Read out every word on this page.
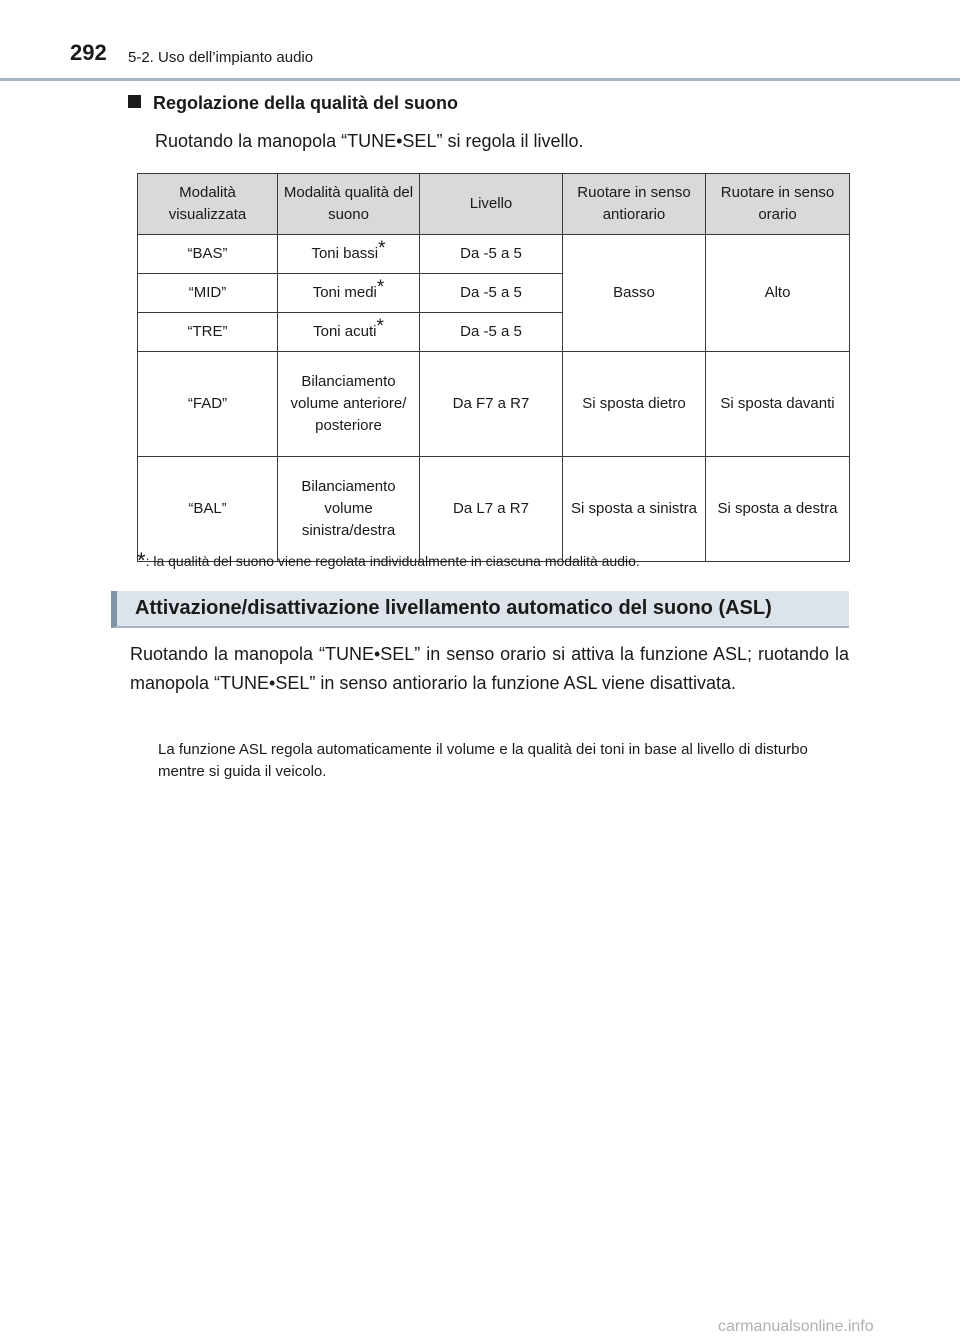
292 5-2. Uso dell’impianto audio
Regolazione della qualità del suono
Ruotando la manopola “TUNE•SEL” si regola il livello.
Modalità visualizzata	Modalità qualità del suono	Livello	Ruotare in senso antiorario	Ruotare in senso orario
“BAS”	Toni bassi*	Da -5 a 5	Basso	Alto
“MID”	Toni medi*	Da -5 a 5		
“TRE”	Toni acuti*	Da -5 a 5		
“FAD”	Bilanciamento volume anteriore/ posteriore	Da F7 a R7	Si sposta dietro	Si sposta davanti
“BAL”	Bilanciamento volume sinistra/destra	Da L7 a R7	Si sposta a sinistra	Si sposta a destra
*: la qualità del suono viene regolata individualmente in ciascuna modalità audio.
Attivazione/disattivazione livellamento automatico del suono (ASL)
Ruotando la manopola “TUNE•SEL” in senso orario si attiva la funzione ASL; ruotando la manopola “TUNE•SEL” in senso antiorario la funzione ASL viene disattivata.
La funzione ASL regola automaticamente il volume e la qualità dei toni in base al livello di disturbo mentre si guida il veicolo.
carmanualsonline.info
